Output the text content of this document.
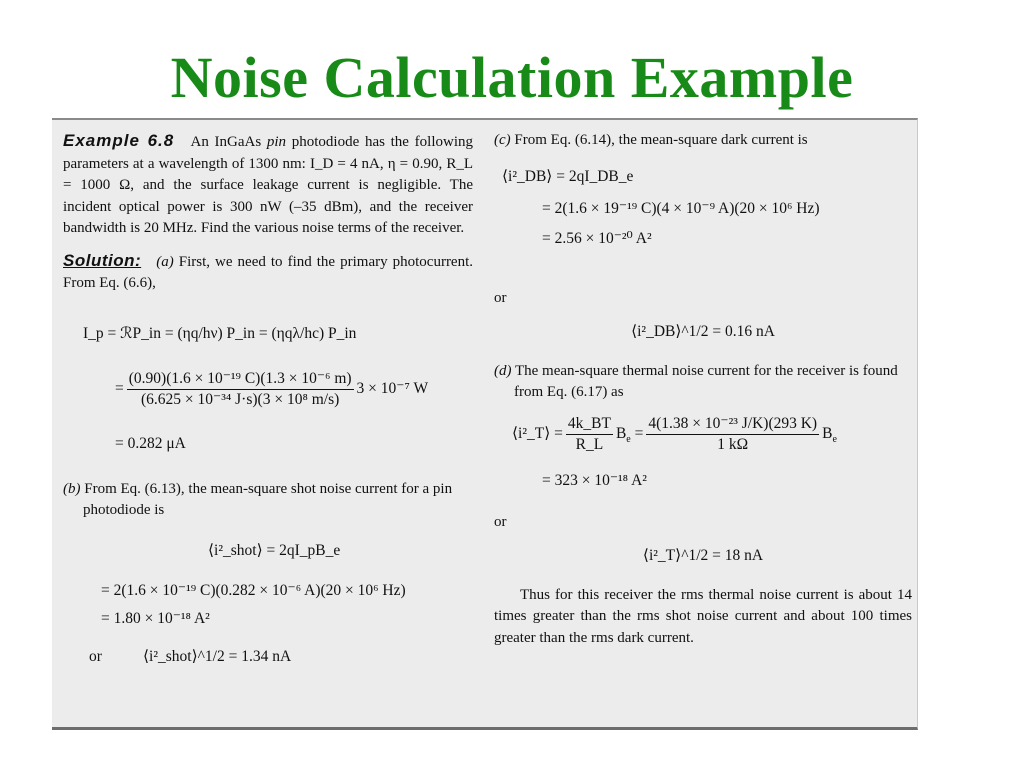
Noise Calculation Example

Example 6.8 An InGaAs pin photodiode has the following parameters at a wavelength of 1300 nm: I_D = 4 nA, η = 0.90, R_L = 1000 Ω, and the surface leakage current is negligible. The incident optical power is 300 nW (–35 dBm), and the receiver bandwidth is 20 MHz. Find the various noise terms of the receiver.

Solution: (a) First, we need to find the primary photocurrent. From Eq. (6.6),

I_p = ℛP_in = (ηq/hν) P_in = (ηqλ/hc) P_in
= $\frac{\text{(0.90)(1.6 × 10⁻¹⁹ C)(1.3 × 10⁻⁶ m)}}{\text{(6.625 × 10⁻³⁴ J·s)(3 × 10⁸ m/s)}} 3 \times 10^{-7}$ W
= 0.282 μA

(b) From Eq. (6.13), the mean-square shot noise current for a pin photodiode is

⟨i²_shot⟩ = 2qI_pB_e
= 2(1.6 × 10⁻¹⁹ C)(0.282 × 10⁻⁶ A)(20 × 10⁶ Hz)
= 1.80 × 10⁻¹⁸ A²
or	⟨i²_shot⟩^1/2 = 1.34 nA

(c) From Eq. (6.14), the mean-square dark current is

⟨i²_DB⟩ = 2qI_DB_e
= 2(1.6 × 19⁻¹⁹ C)(4 × 10⁻⁹ A)(20 × 10⁶ Hz)
= 2.56 × 10⁻²⁰ A²

or

⟨i²_DB⟩^1/2 = 0.16 nA

(d) The mean-square thermal noise current for the receiver is found from Eq. (6.17) as

⟨i²_T⟩ = $\frac{4k\_BT}{R\_L} B_e = \frac{\text{4(1.38 × 10⁻²³ J/K)(293 K)}}{1 k\Omega} B_e$
= 323 × 10⁻¹⁸ A²

or

⟨i²_T⟩^1/2 = 18 nA

Thus for this receiver the rms thermal noise current is about 14 times greater than the rms shot noise current and about 100 times greater than the rms dark current.
